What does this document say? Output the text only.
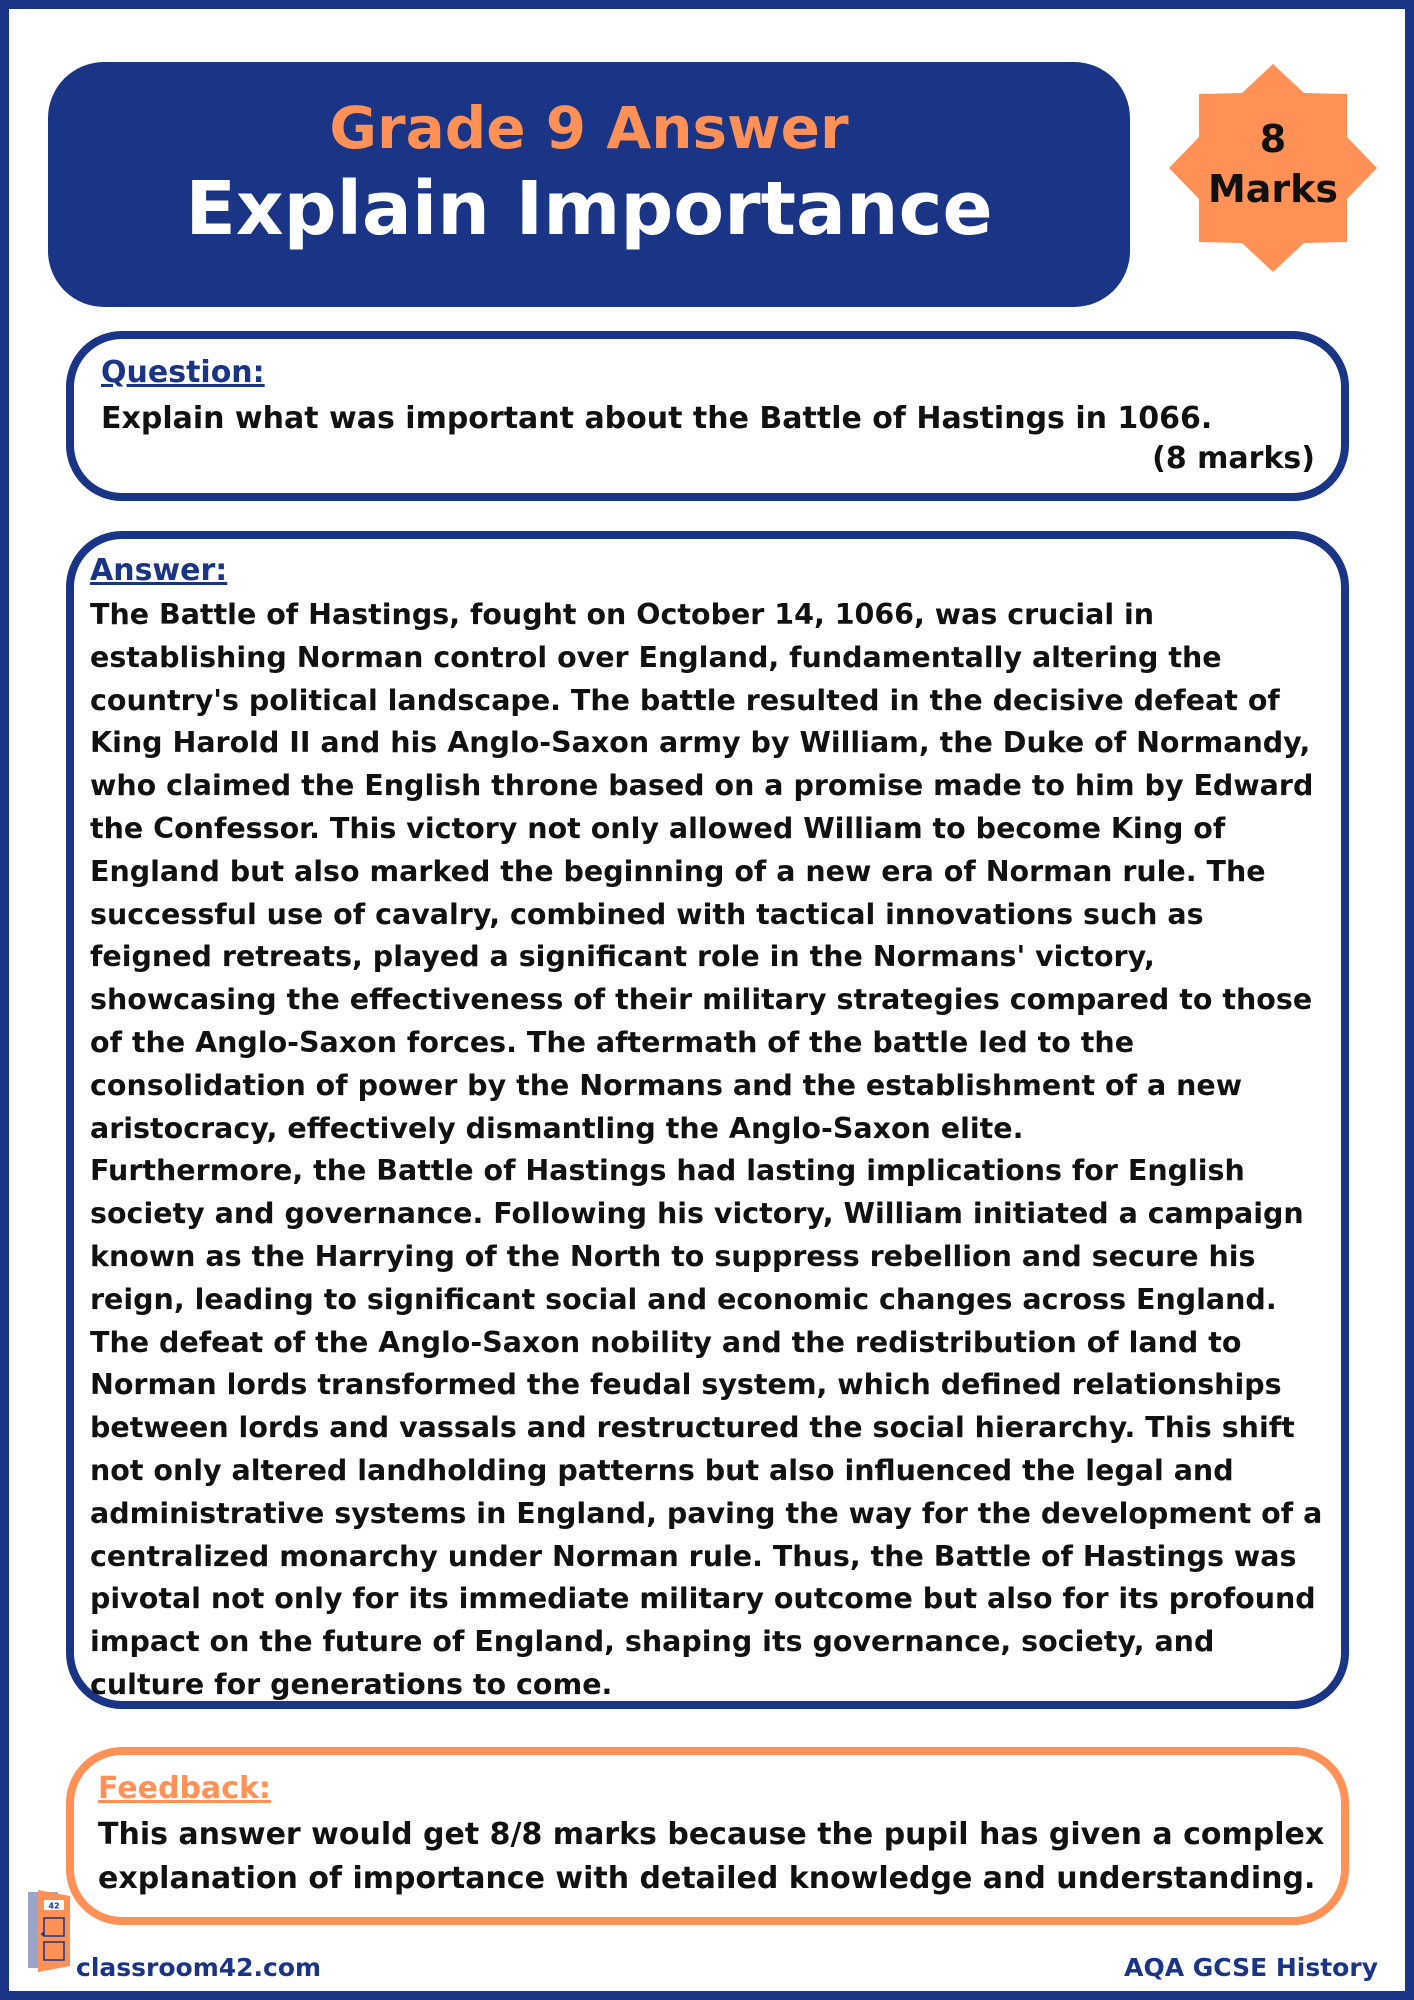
Grade 9 Answer
Explain Importance
8
Marks
Question:
Explain what was important about the Battle of Hastings in 1066.
(8 marks)
Answer:

The Battle of Hastings, fought on October 14, 1066, was crucial in establishing Norman control over England, fundamentally altering the country's political landscape. The battle resulted in the decisive defeat of King Harold II and his Anglo-Saxon army by William, the Duke of Normandy, who claimed the English throne based on a promise made to him by Edward the Confessor. This victory not only allowed William to become King of England but also marked the beginning of a new era of Norman rule. The successful use of cavalry, combined with tactical innovations such as feigned retreats, played a significant role in the Normans' victory, showcasing the effectiveness of their military strategies compared to those of the Anglo-Saxon forces. The aftermath of the battle led to the consolidation of power by the Normans and the establishment of a new aristocracy, effectively dismantling the Anglo-Saxon elite.

Furthermore, the Battle of Hastings had lasting implications for English society and governance. Following his victory, William initiated a campaign known as the Harrying of the North to suppress rebellion and secure his reign, leading to significant social and economic changes across England. The defeat of the Anglo-Saxon nobility and the redistribution of land to Norman lords transformed the feudal system, which defined relationships between lords and vassals and restructured the social hierarchy. This shift not only altered landholding patterns but also influenced the legal and administrative systems in England, paving the way for the development of a centralized monarchy under Norman rule. Thus, the Battle of Hastings was pivotal not only for its immediate military outcome but also for its profound impact on the future of England, shaping its governance, society, and culture for generations to come.

Feedback:
This answer would get 8/8 marks because the pupil has given a complex explanation of importance with detailed knowledge and understanding.
42
classroom42.com	AQA GCSE History
